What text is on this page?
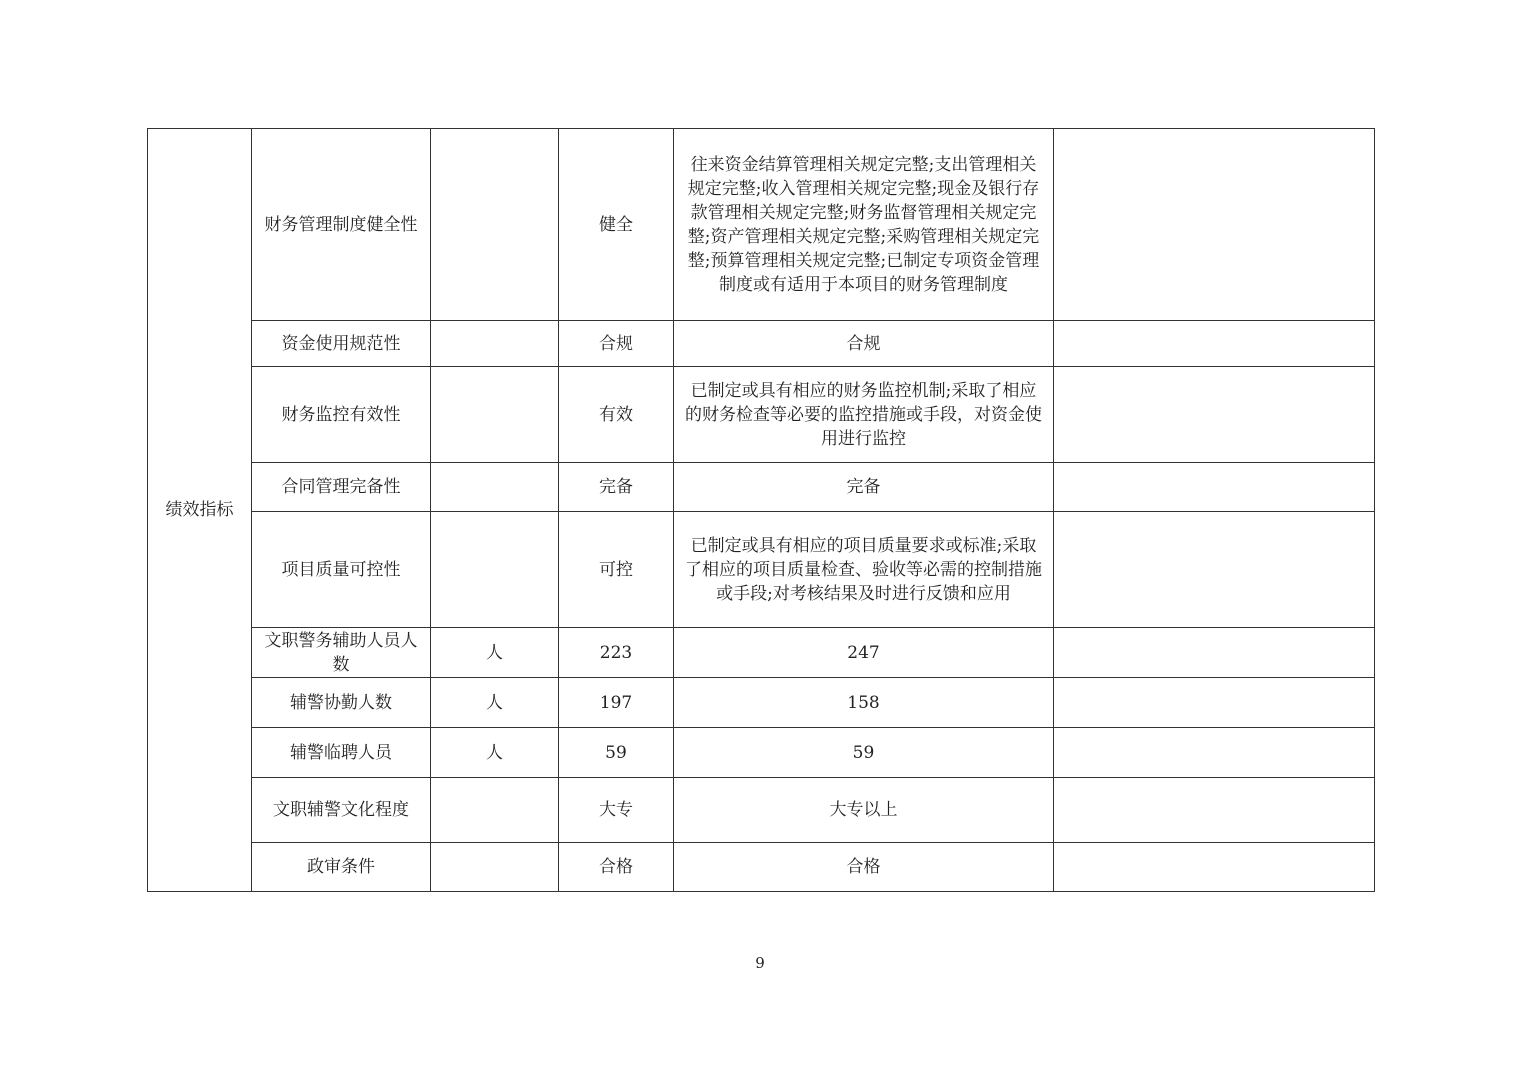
绩效指标	财务管理制度健全性		健全	往来资金结算管理相关规定完整;支出管理相关规定完整;收入管理相关规定完整;现金及银行存款管理相关规定完整;财务监督管理相关规定完整;资产管理相关规定完整;采购管理相关规定完整;预算管理相关规定完整;已制定专项资金管理制度或有适用于本项目的财务管理制度	
	资金使用规范性		合规	合规	
	财务监控有效性		有效	已制定或具有相应的财务监控机制;采取了相应的财务检查等必要的监控措施或手段，对资金使用进行监控	
	合同管理完备性		完备	完备	
	项目质量可控性		可控	已制定或具有相应的项目质量要求或标准;采取了相应的项目质量检查、验收等必需的控制措施或手段;对考核结果及时进行反馈和应用	
	文职警务辅助人员人数	人	223	247	
	辅警协勤人数	人	197	158	
	辅警临聘人员	人	59	59	
	文职辅警文化程度		大专	大专以上	
	政审条件		合格	合格	
9
